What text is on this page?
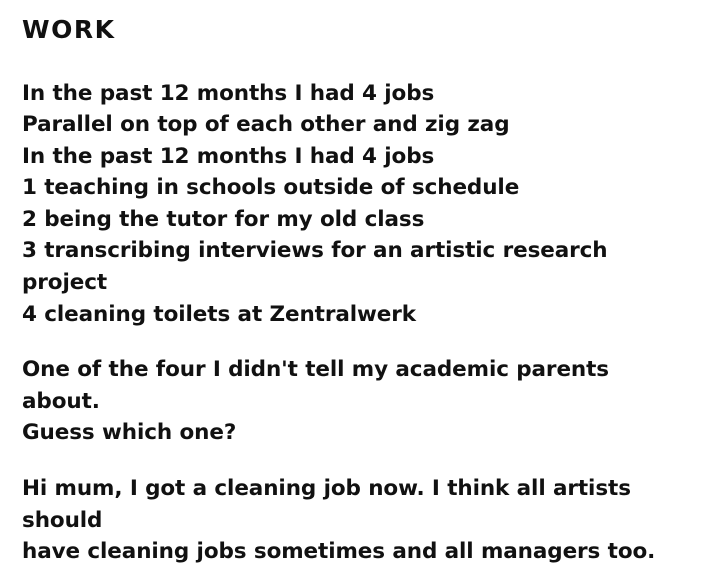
WORK
In the past 12 months I had 4 jobs
Parallel on top of each other and zig zag
In the past 12 months I had 4 jobs
1 teaching in schools outside of schedule
2 being the tutor for my old class
3 transcribing interviews for an artistic research project
4 cleaning toilets at Zentralwerk
One of the four I didn't tell my academic parents about.
Guess which one?
Hi mum, I got a cleaning job now. I think all artists should
have cleaning jobs sometimes and all managers too.
